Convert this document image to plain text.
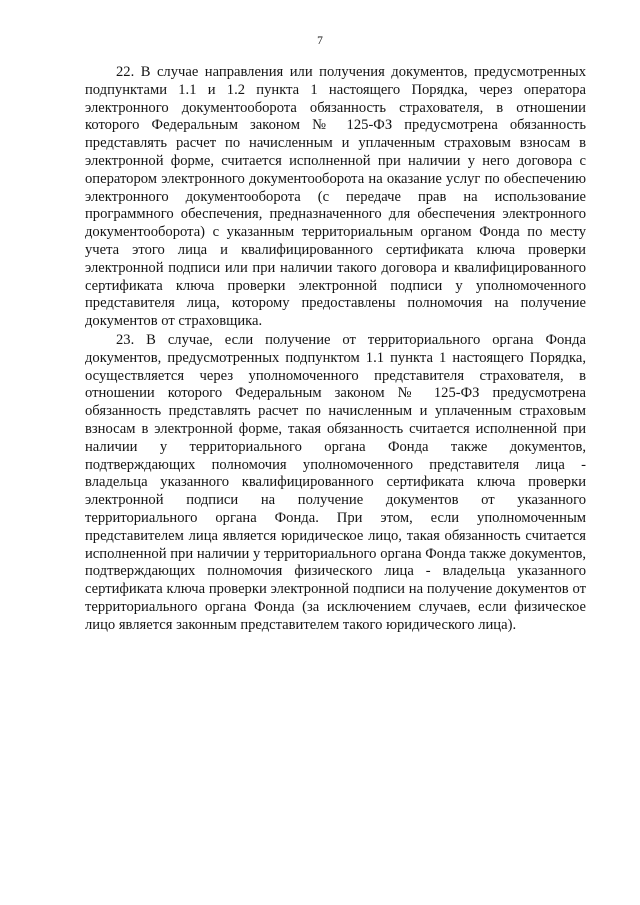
7

22. В случае направления или получения документов, предусмотренных подпунктами 1.1 и 1.2 пункта 1 настоящего Порядка, через оператора электронного документооборота обязанность страхователя, в отношении которого Федеральным законом № 125-ФЗ предусмотрена обязанность представлять расчет по начисленным и уплаченным страховым взносам в электронной форме, считается исполненной при наличии у него договора с оператором электронного документооборота на оказание услуг по обеспечению электронного документооборота (с передаче прав на использование программного обеспечения, предназначенного для обеспечения электронного документооборота) с указанным территориальным органом Фонда по месту учета этого лица и квалифицированного сертификата ключа проверки электронной подписи или при наличии такого договора и квалифицированного сертификата ключа проверки электронной подписи у уполномоченного представителя лица, которому предоставлены полномочия на получение документов от страховщика.

23. В случае, если получение от территориального органа Фонда документов, предусмотренных подпунктом 1.1 пункта 1 настоящего Порядка, осуществляется через уполномоченного представителя страхователя, в отношении которого Федеральным законом № 125-ФЗ предусмотрена обязанность представлять расчет по начисленным и уплаченным страховым взносам в электронной форме, такая обязанность считается исполненной при наличии у территориального органа Фонда также документов, подтверждающих полномочия уполномоченного представителя лица - владельца указанного квалифицированного сертификата ключа проверки электронной подписи на получение документов от указанного территориального органа Фонда. При этом, если уполномоченным представителем лица является юридическое лицо, такая обязанность считается исполненной при наличии у территориального органа Фонда также документов, подтверждающих полномочия физического лица - владельца указанного сертификата ключа проверки электронной подписи на получение документов от территориального органа Фонда (за исключением случаев, если физическое лицо является законным представителем такого юридического лица).
